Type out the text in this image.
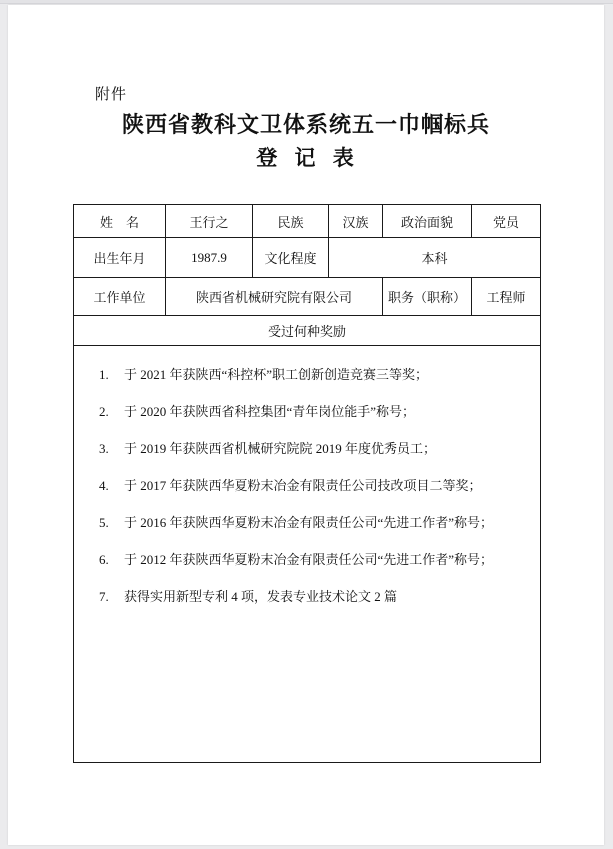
附件
陕西省教科文卫体系统五一巾帼标兵
登 记 表
姓　名	王行之	民族	汉族	政治面貌	党员
出生年月	1987.9	文化程度	本科		
工作单位	陕西省机械研究院有限公司			职务（职称）	工程师
受过何种奖励					

1. 于 2021 年获陕西“科控杯”职工创新创造竞赛三等奖；
2. 于 2020 年获陕西省科控集团“青年岗位能手”称号；
3. 于 2019 年获陕西省机械研究院院 2019 年度优秀员工；
4. 于 2017 年获陕西华夏粉末冶金有限责任公司技改项目二等奖；
5. 于 2016 年获陕西华夏粉末冶金有限责任公司“先进工作者”称号；
6. 于 2012 年获陕西华夏粉末冶金有限责任公司“先进工作者”称号；
7. 获得实用新型专利 4 项，发表专业技术论文 2 篇
